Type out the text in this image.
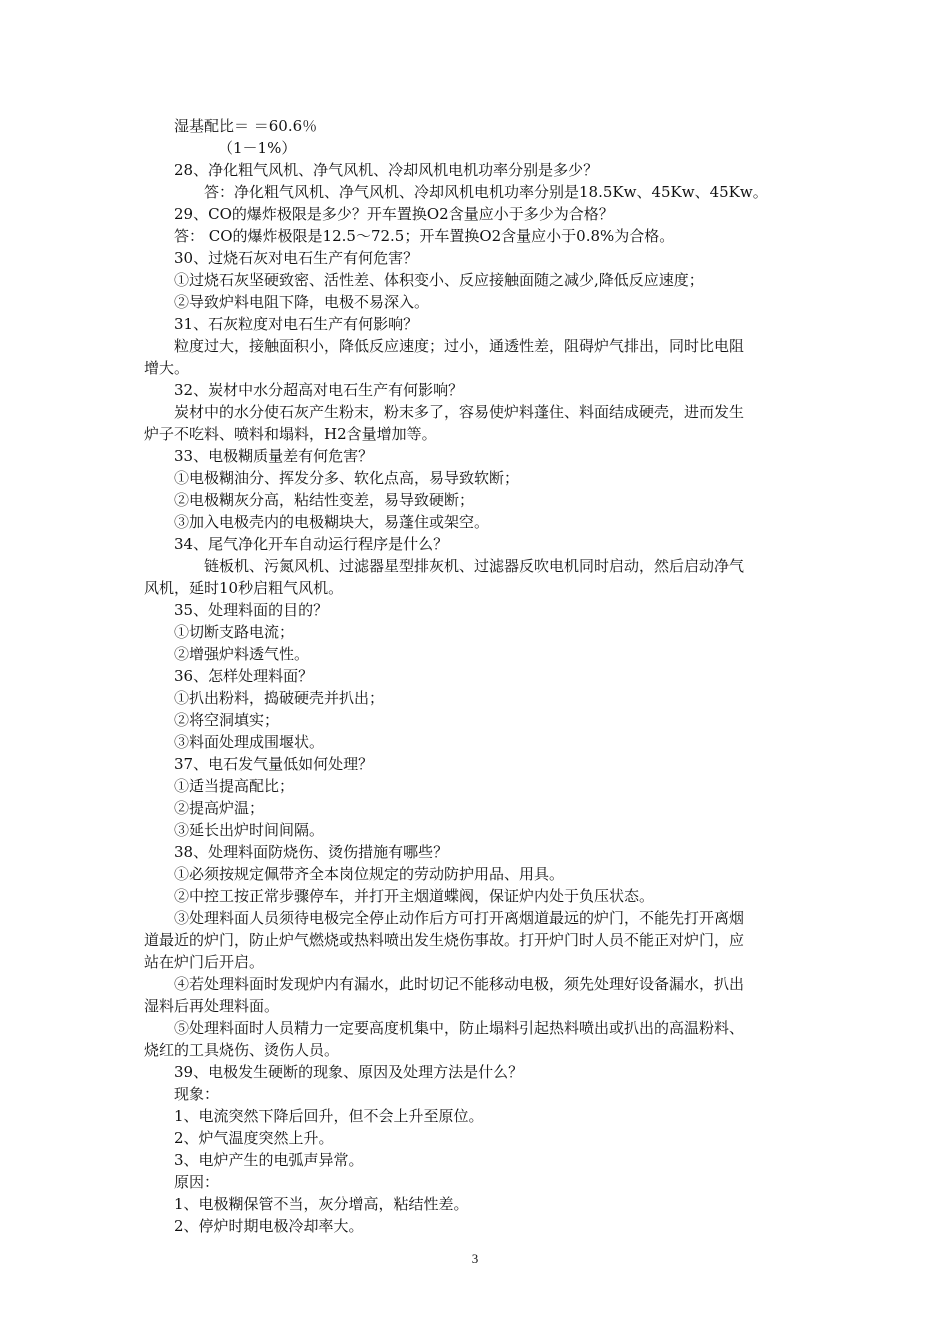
湿基配比＝ ＝60.6％
（1－1%）
28、净化粗气风机、净气风机、冷却风机电机功率分别是多少？
答：净化粗气风机、净气风机、冷却风机电机功率分别是18.5Kw、45Kw、45Kw。
29、CO的爆炸极限是多少？开车置换O2含量应小于多少为合格？
答： CO的爆炸极限是12.5～72.5；开车置换O2含量应小于0.8%为合格。
30、过烧石灰对电石生产有何危害？
①过烧石灰坚硬致密、活性差、体积变小、反应接触面随之减少,降低反应速度；
②导致炉料电阻下降，电极不易深入。
31、石灰粒度对电石生产有何影响？
粒度过大，接触面积小，降低反应速度；过小，通透性差，阻碍炉气排出，同时比电阻
增大。
32、炭材中水分超高对电石生产有何影响？
炭材中的水分使石灰产生粉末，粉末多了，容易使炉料蓬住、料面结成硬壳，进而发生
炉子不吃料、喷料和塌料，H2含量增加等。
33、电极糊质量差有何危害？
①电极糊油分、挥发分多、软化点高，易导致软断；
②电极糊灰分高，粘结性变差，易导致硬断；
③加入电极壳内的电极糊块大，易蓬住或架空。
34、尾气净化开车自动运行程序是什么？
链板机、污氮风机、过滤器星型排灰机、过滤器反吹电机同时启动，然后启动净气
风机，延时10秒启粗气风机。
35、处理料面的目的？
①切断支路电流；
②增强炉料透气性。
36、怎样处理料面？
①扒出粉料，捣破硬壳并扒出；
②将空洞填实；
③料面处理成围堰状。
37、电石发气量低如何处理？
①适当提高配比；
②提高炉温；
③延长出炉时间间隔。
38、处理料面防烧伤、烫伤措施有哪些？
①必须按规定佩带齐全本岗位规定的劳动防护用品、用具。
②中控工按正常步骤停车，并打开主烟道蝶阀，保证炉内处于负压状态。
③处理料面人员须待电极完全停止动作后方可打开离烟道最远的炉门，不能先打开离烟
道最近的炉门，防止炉气燃烧或热料喷出发生烧伤事故。打开炉门时人员不能正对炉门，应
站在炉门后开启。
④若处理料面时发现炉内有漏水，此时切记不能移动电极，须先处理好设备漏水，扒出
湿料后再处理料面。
⑤处理料面时人员精力一定要高度机集中，防止塌料引起热料喷出或扒出的高温粉料、
烧红的工具烧伤、烫伤人员。
39、电极发生硬断的现象、原因及处理方法是什么？
现象：
1、电流突然下降后回升，但不会上升至原位。
2、炉气温度突然上升。
3、电炉产生的电弧声异常。
原因：
1、电极糊保管不当，灰分增高，粘结性差。
2、停炉时期电极冷却率大。
3
